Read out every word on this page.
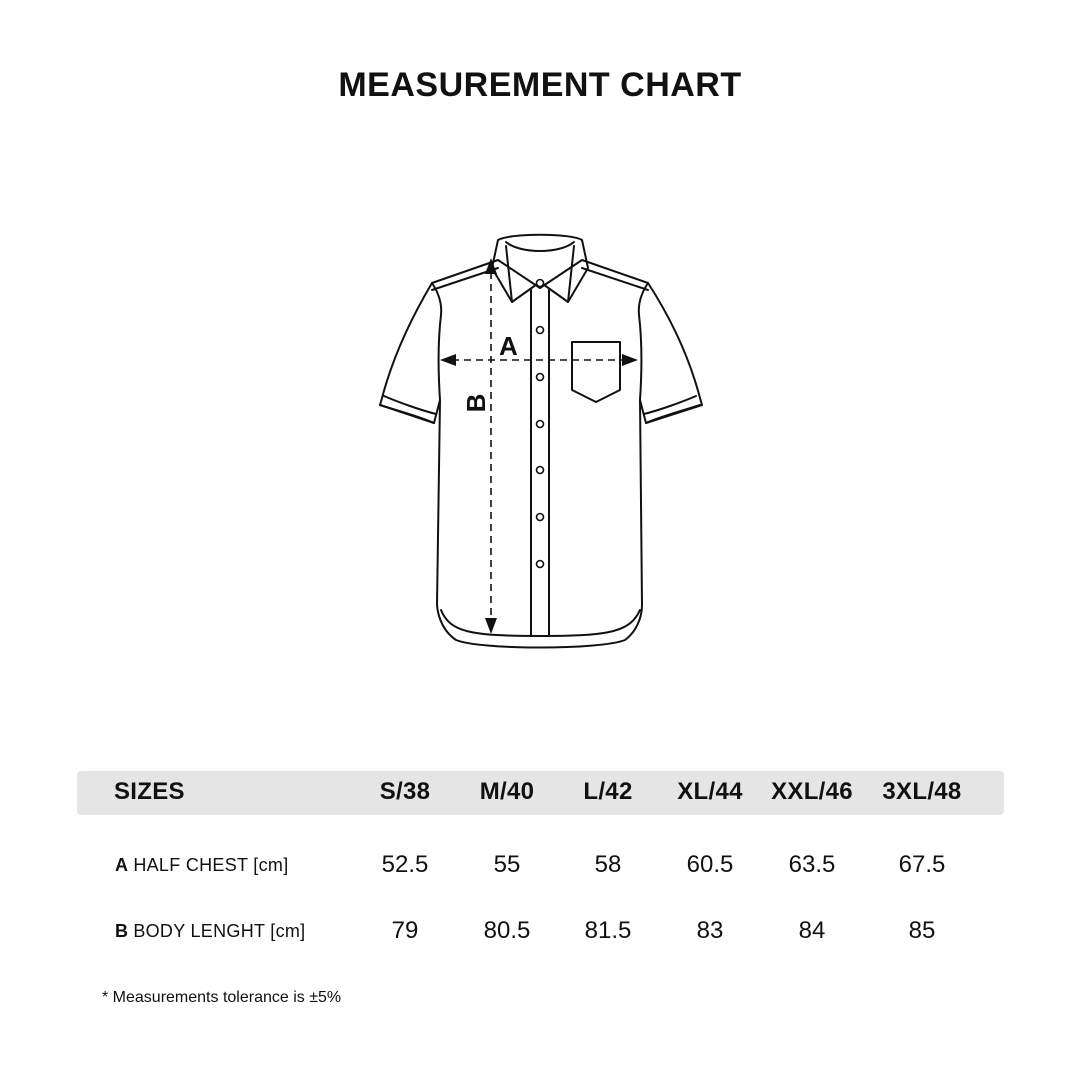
MEASUREMENT CHART
A
B
SIZES	S/38	M/40	L/42	XL/44	XXL/46	3XL/48
A HALF CHEST [cm]	52.5	55	58	60.5	63.5	67.5
B BODY LENGHT [cm]	79	80.5	81.5	83	84	85
* Measurements tolerance is ±5%
